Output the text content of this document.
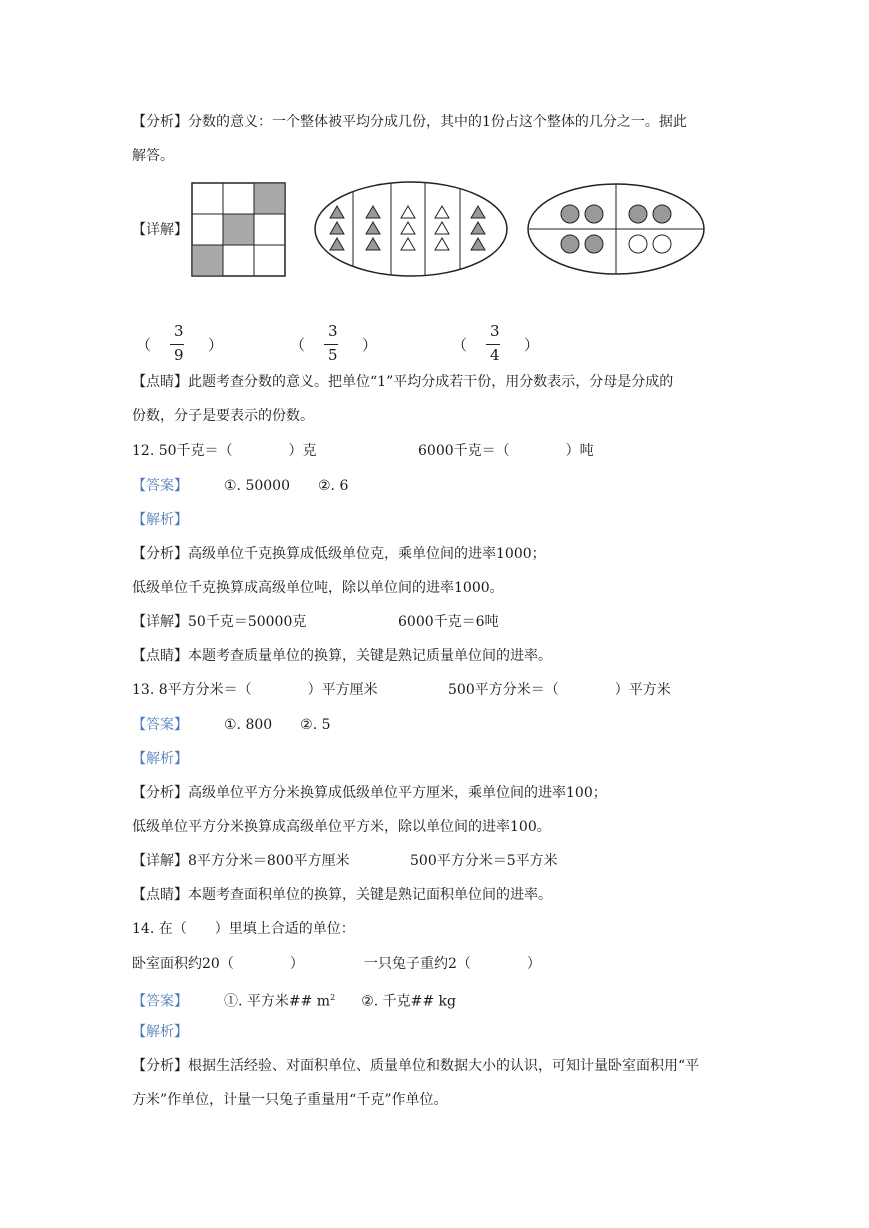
【分析】分数的意义：一个整体被平均分成几份，其中的1份占这个整体的几分之一。据此
解答。
【详解】
（
3
9
）	（
3
5
）	（
3
4
）
【点睛】此题考查分数的意义。把单位“1”平均分成若干份，用分数表示，分母是分成的
份数，分子是要表示的份数。
12. 50千克＝（　　　　）克	6000千克＝（　　　　）吨
【答案】	①. 50000　　②. 6
【解析】
【分析】高级单位千克换算成低级单位克，乘单位间的进率1000；
低级单位千克换算成高级单位吨，除以单位间的进率1000。
【详解】50千克＝50000克	6000千克＝6吨
【点睛】本题考查质量单位的换算，关键是熟记质量单位间的进率。
13. 8平方分米＝（　　　　）平方厘米	500平方分米＝（　　　　）平方米
【答案】	①. 800　　②. 5
【解析】
【分析】高级单位平方分米换算成低级单位平方厘米，乘单位间的进率100；
低级单位平方分米换算成高级单位平方米，除以单位间的进率100。
【详解】8平方分米＝800平方厘米	500平方分米＝5平方米
【点睛】本题考查面积单位的换算，关键是熟记面积单位间的进率。
14. 在（　　）里填上合适的单位：
卧室面积约20（　　　　）	一只兔子重约2（　　　　）
【答案】	①. 平方米## $m^2$ ②. 千克## kg
【解析】
【分析】根据生活经验、对面积单位、质量单位和数据大小的认识，可知计量卧室面积用“平
方米”作单位，计量一只兔子重量用“千克”作单位。
